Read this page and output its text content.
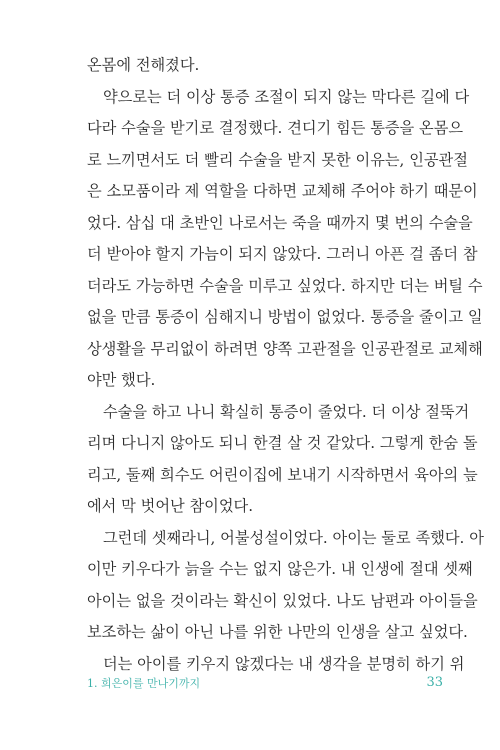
온몸에 전해졌다.
약으로는 더 이상 통증 조절이 되지 않는 막다른 길에 다
다라 수술을 받기로 결정했다. 견디기 힘든 통증을 온몸으
로 느끼면서도 더 빨리 수술을 받지 못한 이유는, 인공관절
은 소모품이라 제 역할을 다하면 교체해 주어야 하기 때문이
었다. 삼십 대 초반인 나로서는 죽을 때까지 몇 번의 수술을
더 받아야 할지 가늠이 되지 않았다. 그러니 아픈 걸 좀더 참
더라도 가능하면 수술을 미루고 싶었다. 하지만 더는 버틸 수
없을 만큼 통증이 심해지니 방법이 없었다. 통증을 줄이고 일
상생활을 무리없이 하려면 양쪽 고관절을 인공관절로 교체해
야만 했다.
수술을 하고 나니 확실히 통증이 줄었다. 더 이상 절뚝거
리며 다니지 않아도 되니 한결 살 것 같았다. 그렇게 한숨 돌
리고, 둘째 희수도 어린이집에 보내기 시작하면서 육아의 늪
에서 막 벗어난 참이었다.
그런데 셋째라니, 어불성설이었다. 아이는 둘로 족했다. 아
이만 키우다가 늙을 수는 없지 않은가. 내 인생에 절대 셋째
아이는 없을 것이라는 확신이 있었다. 나도 남편과 아이들을
보조하는 삶이 아닌 나를 위한 나만의 인생을 살고 싶었다.
더는 아이를 키우지 않겠다는 내 생각을 분명히 하기 위
1. 희은이를 만나기까지	33
